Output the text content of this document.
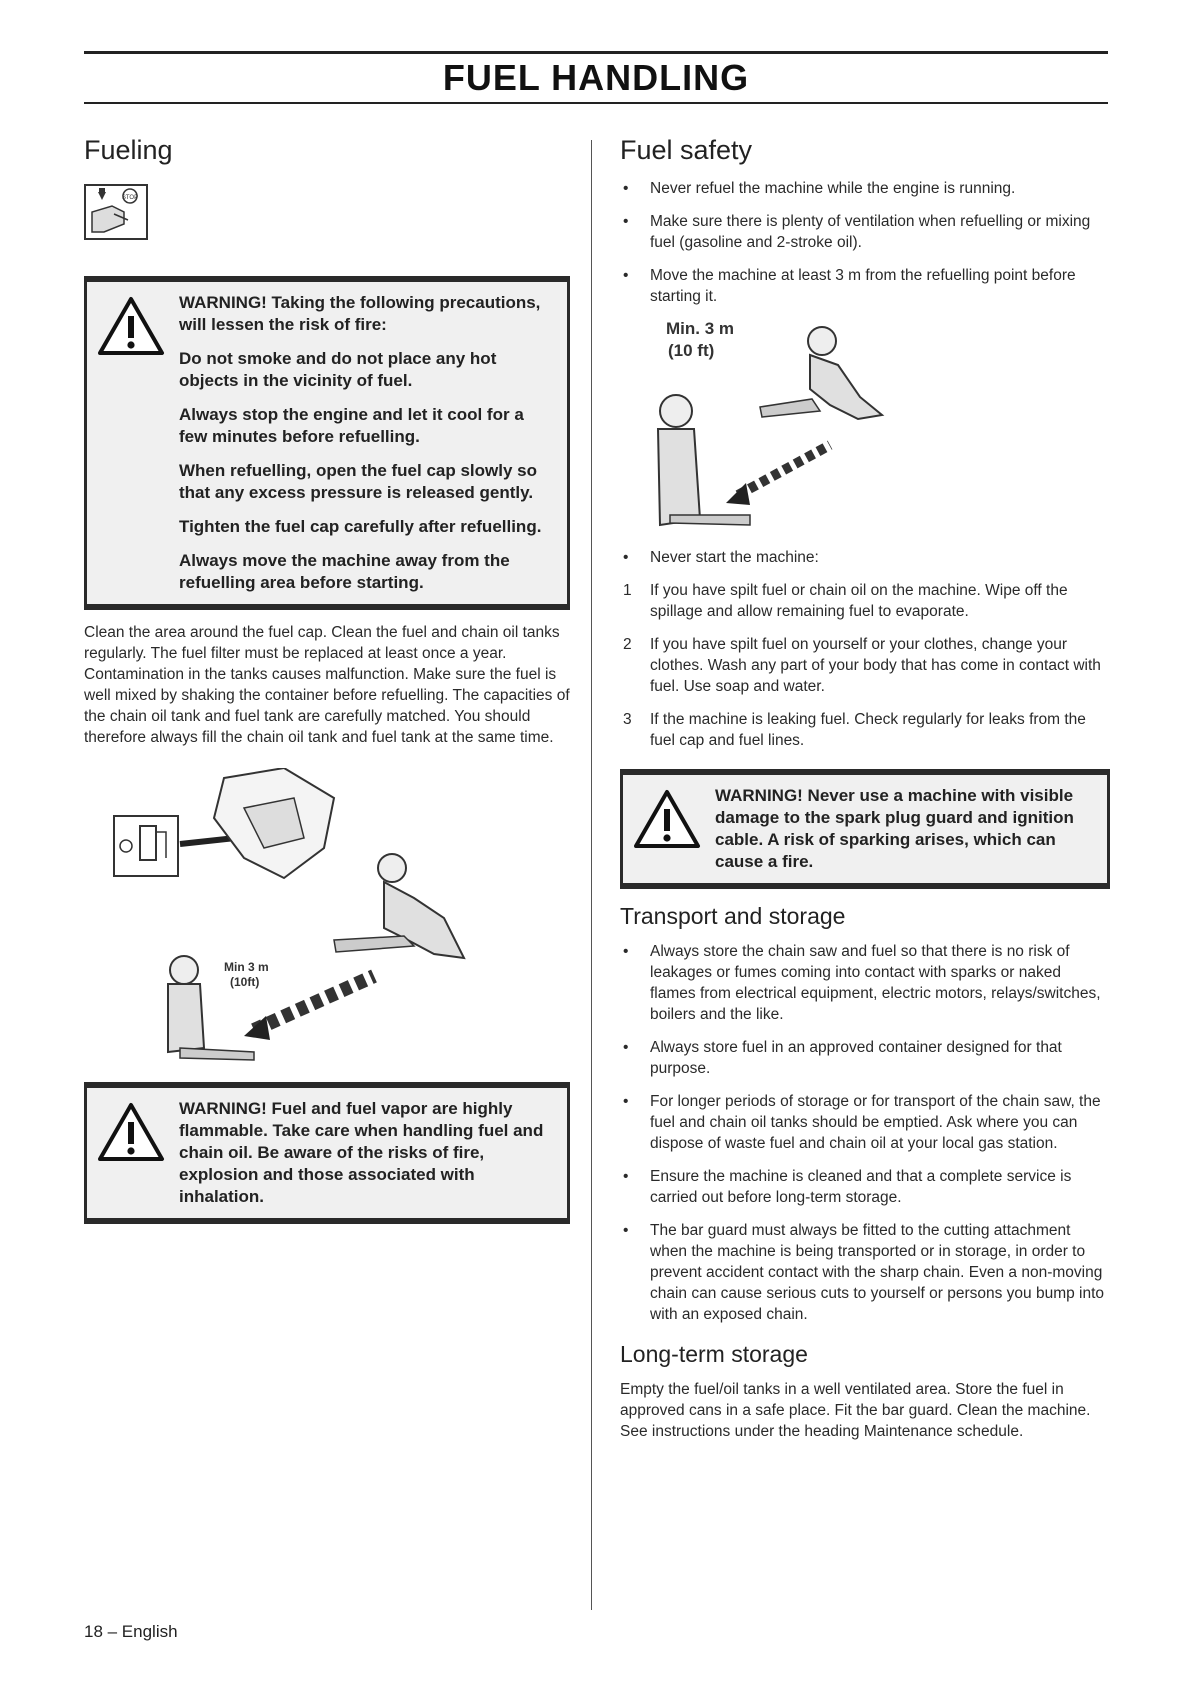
FUEL HANDLING
Fueling
STOP

WARNING! Taking the following precautions, will lessen the risk of fire:

Do not smoke and do not place any hot objects in the vicinity of fuel.

Always stop the engine and let it cool for a few minutes before refuelling.

When refuelling, open the fuel cap slowly so that any excess pressure is released gently.

Tighten the fuel cap carefully after refuelling.

Always move the machine away from the refuelling area before starting.

Clean the area around the fuel cap. Clean the fuel and chain oil tanks regularly. The fuel filter must be replaced at least once a year. Contamination in the tanks causes malfunction. Make sure the fuel is well mixed by shaking the container before refuelling. The capacities of the chain oil tank and fuel tank are carefully matched. You should therefore always fill the chain oil tank and fuel tank at the same time.

Min 3 m
(10ft)

WARNING! Fuel and fuel vapor are highly flammable. Take care when handling fuel and chain oil. Be aware of the risks of fire, explosion and those associated with inhalation.

Fuel safety
• Never refuel the machine while the engine is running.
• Make sure there is plenty of ventilation when refuelling or mixing fuel (gasoline and 2-stroke oil).
• Move the machine at least 3 m from the refuelling point before starting it.
Min. 3 m
(10 ft)
• Never start the machine:
1 If you have spilt fuel or chain oil on the machine. Wipe off the spillage and allow remaining fuel to evaporate.
2 If you have spilt fuel on yourself or your clothes, change your clothes. Wash any part of your body that has come in contact with fuel. Use soap and water.
3 If the machine is leaking fuel. Check regularly for leaks from the fuel cap and fuel lines.

WARNING! Never use a machine with visible damage to the spark plug guard and ignition cable. A risk of sparking arises, which can cause a fire.

Transport and storage
• Always store the chain saw and fuel so that there is no risk of leakages or fumes coming into contact with sparks or naked flames from electrical equipment, electric motors, relays/switches, boilers and the like.
• Always store fuel in an approved container designed for that purpose.
• For longer periods of storage or for transport of the chain saw, the fuel and chain oil tanks should be emptied. Ask where you can dispose of waste fuel and chain oil at your local gas station.
• Ensure the machine is cleaned and that a complete service is carried out before long-term storage.
• The bar guard must always be fitted to the cutting attachment when the machine is being transported or in storage, in order to prevent accident contact with the sharp chain. Even a non-moving chain can cause serious cuts to yourself or persons you bump into with an exposed chain.
Long-term storage

Empty the fuel/oil tanks in a well ventilated area. Store the fuel in approved cans in a safe place. Fit the bar guard. Clean the machine. See instructions under the heading Maintenance schedule.

18 – English
